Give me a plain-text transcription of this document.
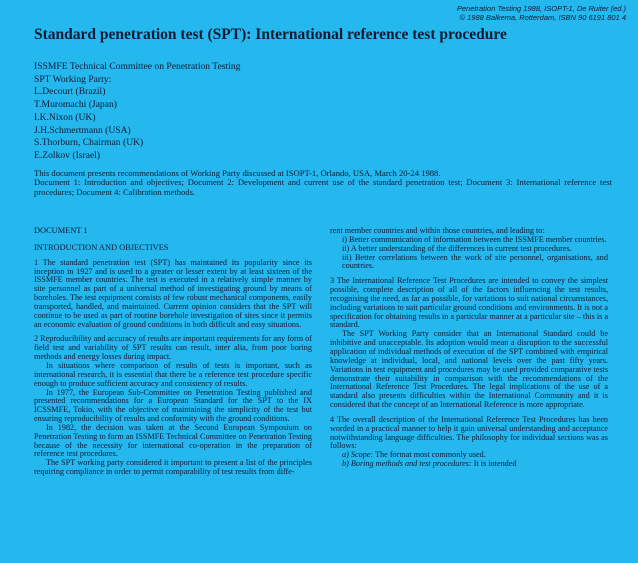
Penetration Testing 1988, ISOPT-1, De Ruiter (ed.)
© 1988 Balkema, Rotterdam, ISBN 90 6191 801 4
Standard penetration test (SPT): International reference test procedure
ISSMFE Technical Committee on Penetration Testing
SPT Working Party:
L.Decourt (Brazil)
T.Muromachi (Japan)
I.K.Nixon (UK)
J.H.Schmertmann (USA)
S.Thorburn, Chairman (UK)
E.Zolkov (Israel)

This document presents recommendations of Working Party discussed at ISOPT-1, Orlando, USA, March 20-24 1988.

Document 1: Introduction and objectives; Document 2: Development and current use of the standard penetration test; Document 3: International reference test procedures; Document 4: Calibration methods.

DOCUMENT 1

INTRODUCTION AND OBJECTIVES

1 The standard penetration test (SPT) has maintained its popularity since its inception in 1927 and is used to a greater or lesser extent by at least sixteen of the ISSMFE member countries. The test is executed in a relatively simple manner by site personnel as part of a universal method of investigating ground by means of boreholes. The test equipment consists of few robust mechanical components, easily transported, handled, and maintained. Current opinion considers that the SPT will continue to be used as part of routine borehole investigation of sites since it permits an economic evaluation of ground conditions in both difficult and easy situations.

2 Reproducibility and accuracy of results are important requirements for any form of field test and variability of SPT results can result, inter alia, from poor boring methods and energy losses during impact.

In situations where comparison of results of tests is important, such as international research, it is essential that there be a reference test procedure specific enough to produce sufficient accuracy and consistency of results.

In 1977, the European Sub-Committee on Penetration Testing published and presented recommendations for a European Standard for the SPT to the IX ICSSMFE, Tokio, with the objective of maintaining the simplicity of the test but ensuring reproducibility of results and conformity with the ground conditions.

In 1982, the decision was taken at the Second European Symposium on Penetration Testing to form an ISSMFE Technical Committee on Penetration Testing because of the necessity for international co-operation in the preparation of reference test procedures.

The SPT working party considered it important to present a list of the principles requiring compliance in order to permit comparability of test results from diffe-

rent member countries and within those countries, and leading to:

i) Better communication of information between the ISSMFE member countries.

ii) A better understanding of the differences in current test procedures.

iii) Better correlations between the work of site personnel, organisations, and countries.

3 The International Reference Test Procedures are intended to convey the simplest possible, complete description of all of the factors influencing the test results, recognising the need, as far as possible, for variations to suit national circumstances, including variations to suit particular ground conditions and environments. It is not a specification for obtaining results in a particular manner at a particular site – this is a standard.

The SPT Working Party consider that an International Standard could be inhibitive and unacceptable. Its adoption would mean a disruption to the successful application of individual methods of execution of the SPT combined with empirical knowledge at individual, local, and national levels over the past fifty years. Variations in test equipment and procedures may be used provided comparative tests demonstrate their suitability in comparison with the recommendations of the International Reference Test Procedures. The legal implications of the use of a standard also presents difficulties within the International Community and it is considered that the concept of an International Reference is more appropriate.

4 The overall description of the International Reference Test Procedures has been worded in a practical manner to help it gain universal understanding and acceptance notwithstanding language difficulties. The philosophy for individual sections was as follows:

a) Scope: The format most commonly used.

b) Boring methods and test procedures: It is intended
